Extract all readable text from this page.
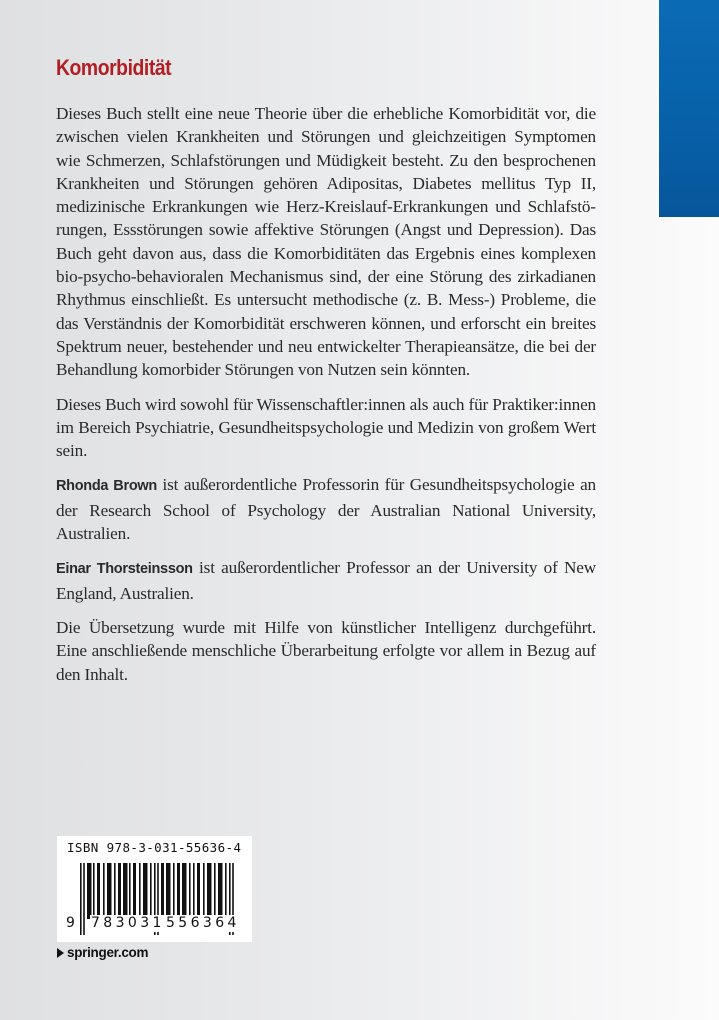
Komorbidität

Dieses Buch stellt eine neue Theorie über die erhebliche Komorbidität vor, die zwischen vielen Krankheiten und Störungen und gleichzeitigen Symptomen wie Schmerzen, Schlafstörungen und Müdigkeit besteht. Zu den besprochenen Krankheiten und Störungen gehören Adipositas, Diabetes mellitus Typ II, medizinische Erkrankungen wie Herz-Kreislauf-Erkrankungen und Schlafstörungen, Essstörungen sowie affektive Störungen (Angst und Depression). Das Buch geht davon aus, dass die Komorbiditäten das Ergebnis eines komplexen bio-psycho-behavioralen Mechanismus sind, der eine Störung des zirkadianen Rhythmus einschließt. Es untersucht methodische (z. B. Mess-) Probleme, die das Verständnis der Komorbidität erschweren können, und erforscht ein breites Spektrum neuer, bestehender und neu entwickelter Therapieansätze, die bei der Behandlung komorbider Störungen von Nutzen sein könnten.

Dieses Buch wird sowohl für Wissenschaftler:innen als auch für Praktiker:innen im Bereich Psychiatrie, Gesundheitspsychologie und Medizin von großem Wert sein.

Rhonda Brown ist außerordentliche Professorin für Gesundheitspsychologie an der Research School of Psychology der Australian National University, Australien.

Einar Thorsteinsson ist außerordentlicher Professor an der University of New England, Australien.

Die Übersetzung wurde mit Hilfe von künstlicher Intelligenz durchgeführt. Eine anschließende menschliche Überarbeitung erfolgte vor allem in Bezug auf den Inhalt.

ISBN 978-3-031-55636-4
9 783031 556364
springer.com
